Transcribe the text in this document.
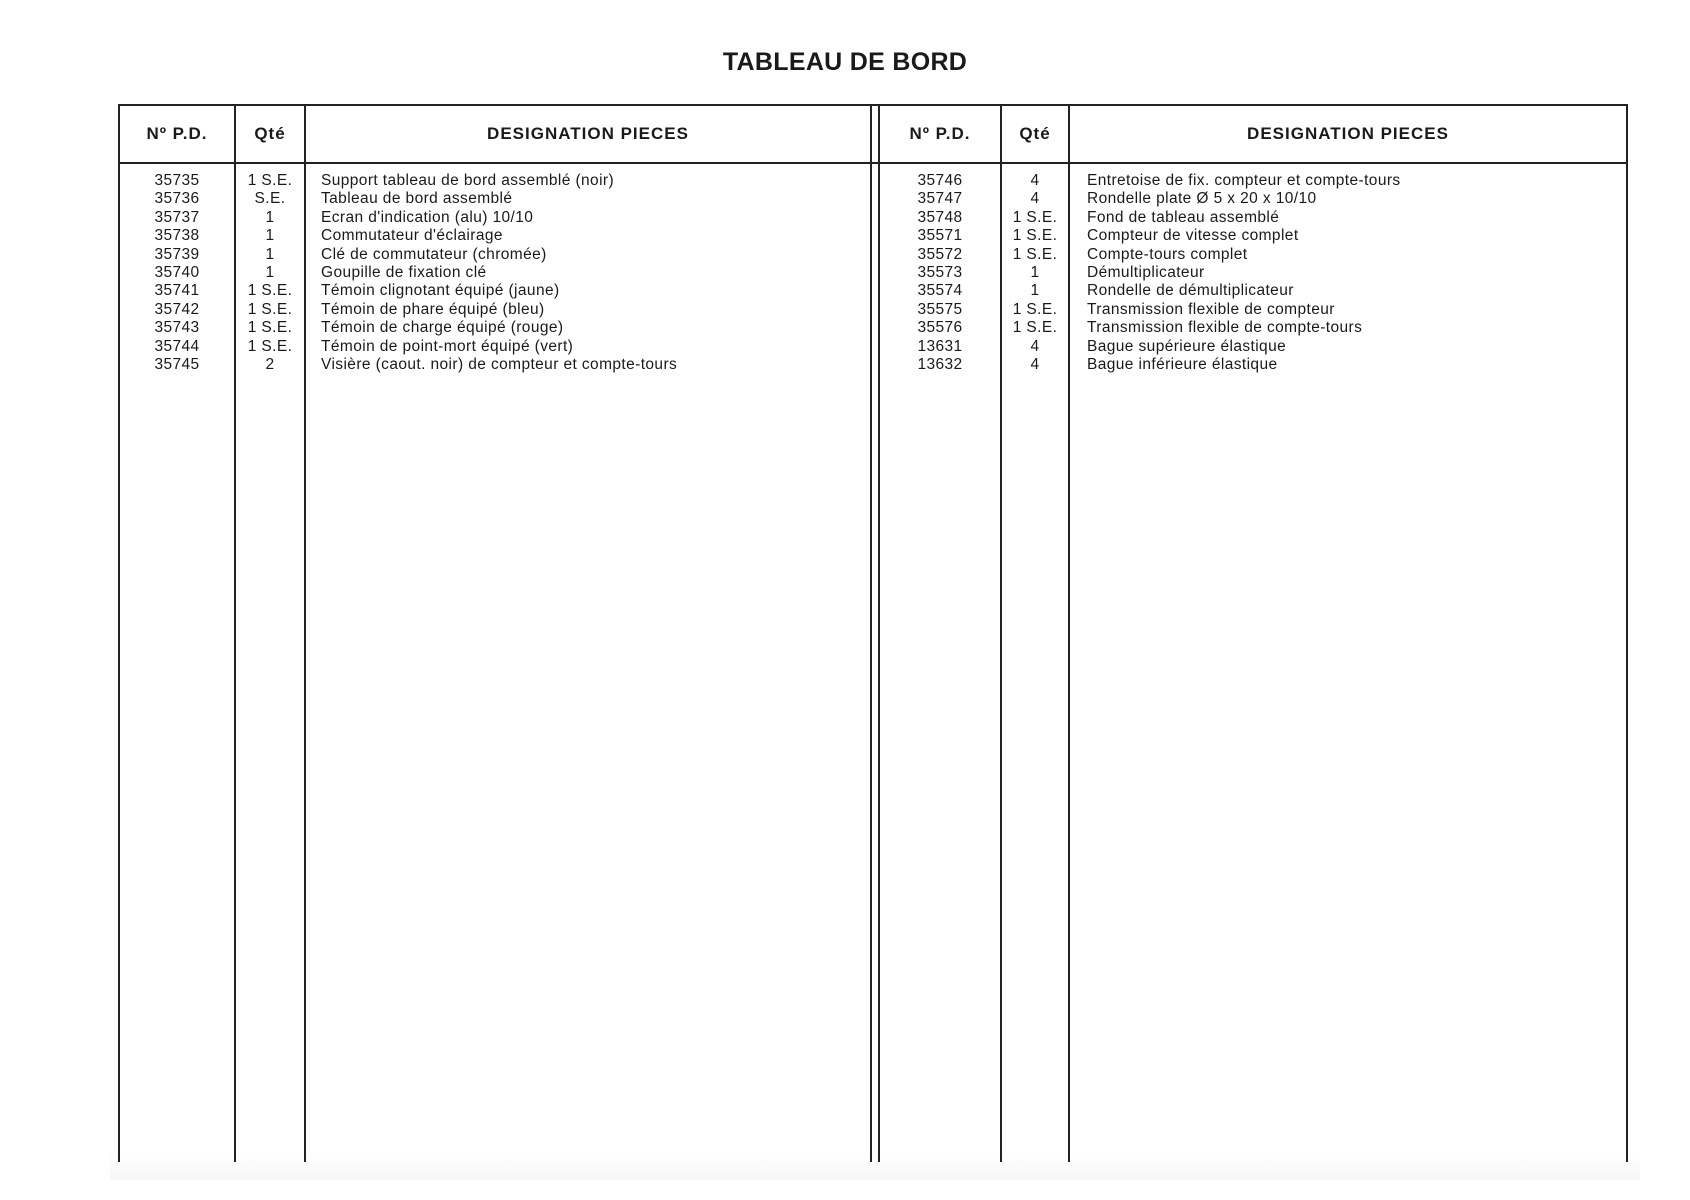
TABLEAU DE BORD
Nº P.D.	Qté	DESIGNATION PIECES	Nº P.D.	Qté	DESIGNATION PIECES
35735	1 S.E.	Support tableau de bord assemblé (noir)
35736	S.E.	Tableau de bord assemblé
35737	1	Ecran d'indication (alu) 10/10
35738	1	Commutateur d'éclairage
35739	1	Clé de commutateur (chromée)
35740	1	Goupille de fixation clé
35741	1 S.E.	Témoin clignotant équipé (jaune)
35742	1 S.E.	Témoin de phare équipé (bleu)
35743	1 S.E.	Témoin de charge équipé (rouge)
35744	1 S.E.	Témoin de point-mort équipé (vert)
35745	2	Visière (caout. noir) de compteur et compte-tours
35746	4	Entretoise de fix. compteur et compte-tours
35747	4	Rondelle plate Ø 5 x 20 x 10/10
35748	1 S.E.	Fond de tableau assemblé
35571	1 S.E.	Compteur de vitesse complet
35572	1 S.E.	Compte-tours complet
35573	1	Démultiplicateur
35574	1	Rondelle de démultiplicateur
35575	1 S.E.	Transmission flexible de compteur
35576	1 S.E.	Transmission flexible de compte-tours
13631	4	Bague supérieure élastique
13632	4	Bague inférieure élastique
